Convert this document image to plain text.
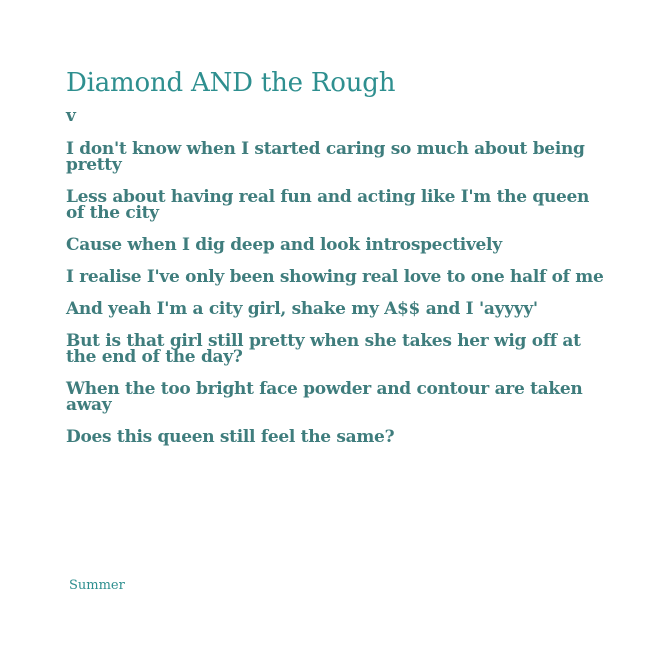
Diamond AND the Rough

v

I don't know when I started caring so much about being pretty

Less about having real fun and acting like I'm the queen of the city

Cause when I dig deep and look introspectively

I realise I've only been showing real love to one half of me

And yeah I'm a city girl, shake my A$$ and I 'ayyyy'

But is that girl still pretty when she takes her wig off at the end of the day?

When the too bright face powder and contour are taken away

Does this queen still feel the same?

Summer
